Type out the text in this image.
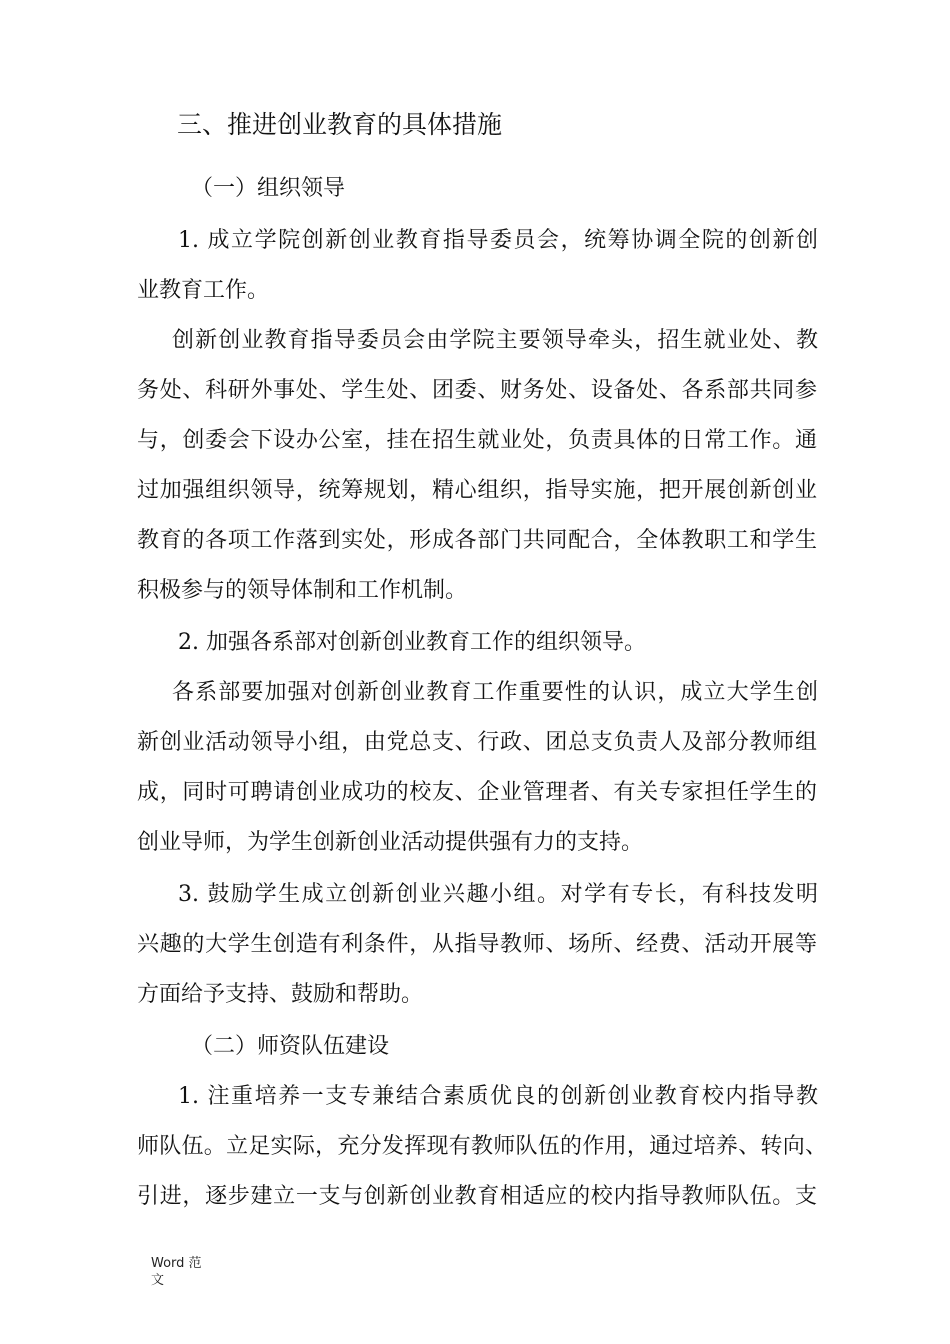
三、推进创业教育的具体措施
（一）组织领导
1. 成立学院创新创业教育指导委员会，统筹协调全院的创新创
业教育工作。
创新创业教育指导委员会由学院主要领导牵头，招生就业处、教
务处、科研外事处、学生处、团委、财务处、设备处、各系部共同参
与，创委会下设办公室，挂在招生就业处，负责具体的日常工作。通
过加强组织领导，统筹规划，精心组织，指导实施，把开展创新创业
教育的各项工作落到实处，形成各部门共同配合，全体教职工和学生
积极参与的领导体制和工作机制。
2. 加强各系部对创新创业教育工作的组织领导。
各系部要加强对创新创业教育工作重要性的认识，成立大学生创
新创业活动领导小组，由党总支、行政、团总支负责人及部分教师组
成，同时可聘请创业成功的校友、企业管理者、有关专家担任学生的
创业导师，为学生创新创业活动提供强有力的支持。
3. 鼓励学生成立创新创业兴趣小组。对学有专长，有科技发明
兴趣的大学生创造有利条件，从指导教师、场所、经费、活动开展等
方面给予支持、鼓励和帮助。
（二）师资队伍建设
1. 注重培养一支专兼结合素质优良的创新创业教育校内指导教
师队伍。立足实际，充分发挥现有教师队伍的作用，通过培养、转向、
引进，逐步建立一支与创新创业教育相适应的校内指导教师队伍。支
Word 范
文
